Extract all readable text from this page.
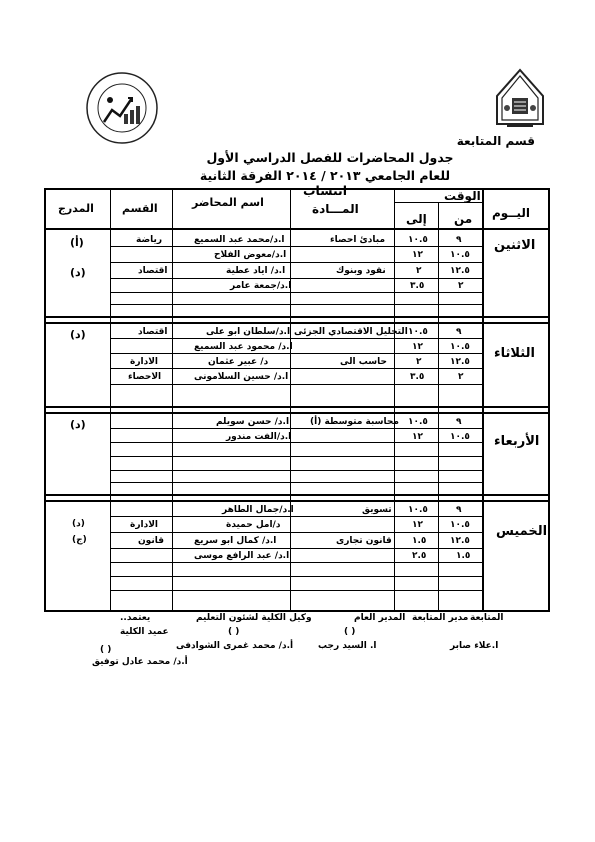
قسم المتابعة
جدول المحاضرات للفصل الدراسي الأول
للعام الجامعي ٢٠١٣ / ٢٠١٤ الفرقة الثانية انتساب
اليــوم
الوقت
من
إلى
المـــادة
اسم المحاضر
القسم
المدرج
الاثنين
٩
١٠.٥
مبادئ احصاء
ا.د/محمد عبد السميع
رياضة
(أ)
١٠.٥
١٢
ا.د/معوض الفلاح
١٢.٥
٢
نقود وبنوك
ا.د/ اياد عطية
اقتصاد
(د)
٢
٣.٥
ا.د/جمعة عامر
الثلاثاء
٩
١٠.٥
التحليل الاقتصادي الجزئى
ا.د/سلطان ابو على
اقتصاد
(د)
١٠.٥
١٢
ا.د/ محمود عبد السميع
١٢.٥
٢
حاسب الى
د/ عبير عثمان
الادارة
٢
٣.٥
ا.د/ حسين السلامونى
الاحصاء
الأربعاء
٩
١٠.٥
محاسبة متوسطة (أ)
ا.د/ حسن سويلم
(د)
١٠.٥
١٢
ا.د/الفت مندور
الخميس
٩
١٠.٥
تسويق
ا.د/جمال الطاهر
١٠.٥
١٢
د/امل حميدة
الادارة
(د)
١٢.٥
١.٥
قانون تجارى
ا.د/ كمال ابو سريع
قانون
(ج)
١.٥
٢.٥
ا.د/ عبد الرافع موسى
المتابعة
مدير المتابعة
المدير العام
وكيل الكلية لشئون التعليم
يعتمد..
عميد الكلية	( )
( )
ا.علاء صابر
ا. السيد رجب
أ.د/ محمد غمرى الشوادفى
( )
أ.د/ محمد عادل توفيق
